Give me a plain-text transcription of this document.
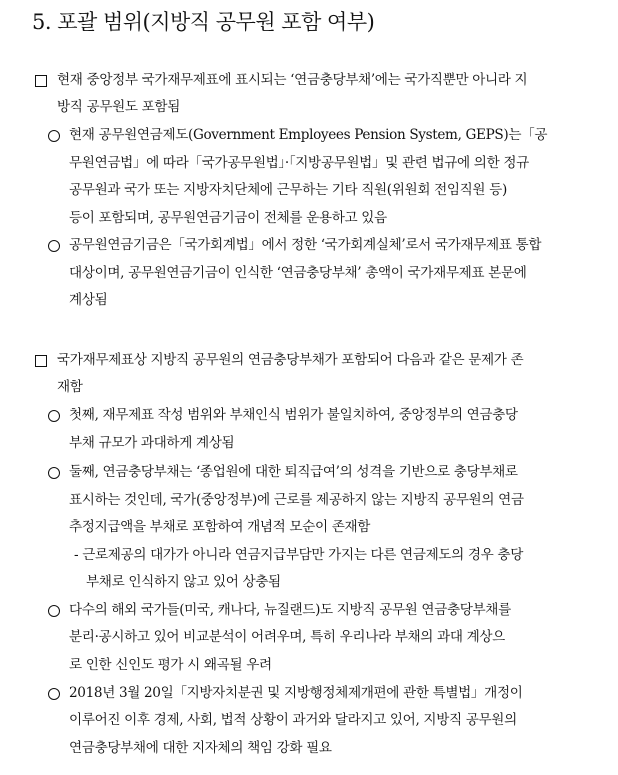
5. 포괄 범위(지방직 공무원 포함 여부)
현재 중앙정부 국가재무제표에 표시되는 ‘연금충당부채’에는 국가직뿐만 아니라 지
방직 공무원도 포함됨
현재 공무원연금제도(Government Employees Pension System, GEPS)는「공
무원연금법」에 따라「국가공무원법」·「지방공무원법」및 관련 법규에 의한 정규
공무원과 국가 또는 지방자치단체에 근무하는 기타 직원(위원회 전임직원 등)
등이 포함되며, 공무원연금기금이 전체를 운용하고 있음
공무원연금기금은「국가회계법」에서 정한 ‘국가회계실체’로서 국가재무제표 통합
대상이며, 공무원연금기금이 인식한 ‘연금충당부채’ 총액이 국가재무제표 본문에
계상됨
국가재무제표상 지방직 공무원의 연금충당부채가 포함되어 다음과 같은 문제가 존
재함
첫째, 재무제표 작성 범위와 부채인식 범위가 불일치하여, 중앙정부의 연금충당
부채 규모가 과대하게 계상됨
둘째, 연금충당부채는 ‘종업원에 대한 퇴직급여’의 성격을 기반으로 충당부채로
표시하는 것인데, 국가(중앙정부)에 근로를 제공하지 않는 지방직 공무원의 연금
추정지급액을 부채로 포함하여 개념적 모순이 존재함
- 근로제공의 대가가 아니라 연금지급부담만 가지는 다른 연금제도의 경우 충당
부채로 인식하지 않고 있어 상충됨
다수의 해외 국가들(미국, 캐나다, 뉴질랜드)도 지방직 공무원 연금충당부채를
분리·공시하고 있어 비교분석이 어려우며, 특히 우리나라 부채의 과대 계상으
로 인한 신인도 평가 시 왜곡될 우려
2018년 3월 20일「지방자치분권 및 지방행정체제개편에 관한 특별법」개정이
이루어진 이후 경제, 사회, 법적 상황이 과거와 달라지고 있어, 지방직 공무원의
연금충당부채에 대한 지자체의 책임 강화 필요
